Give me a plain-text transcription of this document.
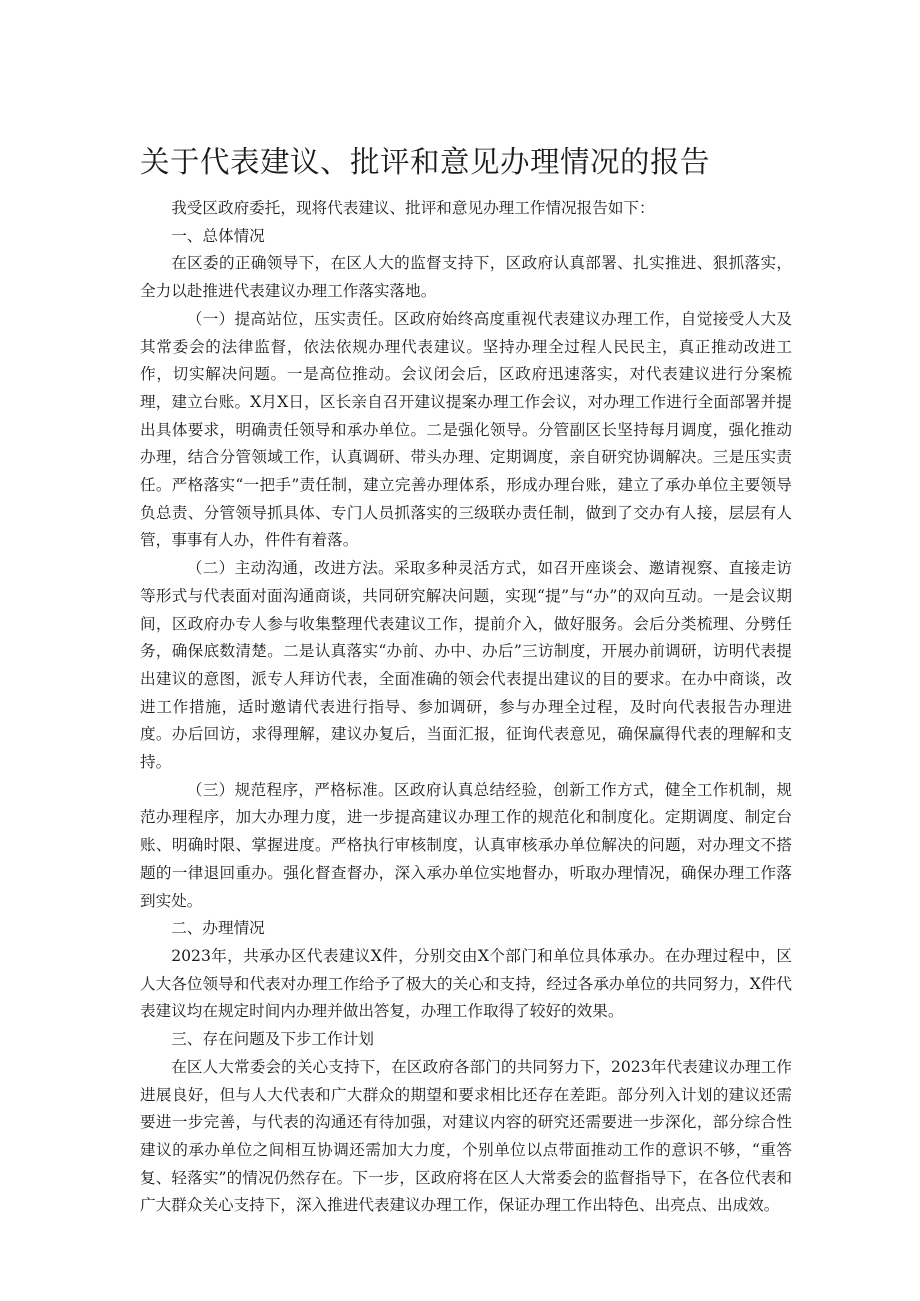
关于代表建议、批评和意见办理情况的报告

我受区政府委托，现将代表建议、批评和意见办理工作情况报告如下：

一、总体情况

在区委的正确领导下，在区人大的监督支持下，区政府认真部署、扎实推进、狠抓落实，全力以赴推进代表建议办理工作落实落地。

（一）提高站位，压实责任。区政府始终高度重视代表建议办理工作，自觉接受人大及其常委会的法律监督，依法依规办理代表建议。坚持办理全过程人民民主，真正推动改进工作，切实解决问题。一是高位推动。会议闭会后，区政府迅速落实，对代表建议进行分案梳理，建立台账。X月X日，区长亲自召开建议提案办理工作会议，对办理工作进行全面部署并提出具体要求，明确责任领导和承办单位。二是强化领导。分管副区长坚持每月调度，强化推动办理，结合分管领域工作，认真调研、带头办理、定期调度，亲自研究协调解决。三是压实责任。严格落实“一把手”责任制，建立完善办理体系，形成办理台账，建立了承办单位主要领导负总责、分管领导抓具体、专门人员抓落实的三级联办责任制，做到了交办有人接，层层有人管，事事有人办，件件有着落。

（二）主动沟通，改进方法。采取多种灵活方式，如召开座谈会、邀请视察、直接走访等形式与代表面对面沟通商谈，共同研究解决问题，实现“提”与“办”的双向互动。一是会议期间，区政府办专人参与收集整理代表建议工作，提前介入，做好服务。会后分类梳理、分劈任务，确保底数清楚。二是认真落实“办前、办中、办后”三访制度，开展办前调研，访明代表提出建议的意图，派专人拜访代表，全面准确的领会代表提出建议的目的要求。在办中商谈，改进工作措施，适时邀请代表进行指导、参加调研，参与办理全过程，及时向代表报告办理进度。办后回访，求得理解，建议办复后，当面汇报，征询代表意见，确保赢得代表的理解和支持。

（三）规范程序，严格标准。区政府认真总结经验，创新工作方式，健全工作机制，规范办理程序，加大办理力度，进一步提高建议办理工作的规范化和制度化。定期调度、制定台账、明确时限、掌握进度。严格执行审核制度，认真审核承办单位解决的问题，对办理文不搭题的一律退回重办。强化督查督办，深入承办单位实地督办，听取办理情况，确保办理工作落到实处。

二、办理情况

2023年，共承办区代表建议X件，分别交由X个部门和单位具体承办。在办理过程中，区人大各位领导和代表对办理工作给予了极大的关心和支持，经过各承办单位的共同努力，X件代表建议均在规定时间内办理并做出答复，办理工作取得了较好的效果。

三、存在问题及下步工作计划

在区人大常委会的关心支持下，在区政府各部门的共同努力下，2023年代表建议办理工作进展良好，但与人大代表和广大群众的期望和要求相比还存在差距。部分列入计划的建议还需要进一步完善，与代表的沟通还有待加强，对建议内容的研究还需要进一步深化，部分综合性建议的承办单位之间相互协调还需加大力度，个别单位以点带面推动工作的意识不够，“重答复、轻落实”的情况仍然存在。下一步，区政府将在区人大常委会的监督指导下，在各位代表和广大群众关心支持下，深入推进代表建议办理工作，保证办理工作出特色、出亮点、出成效。
